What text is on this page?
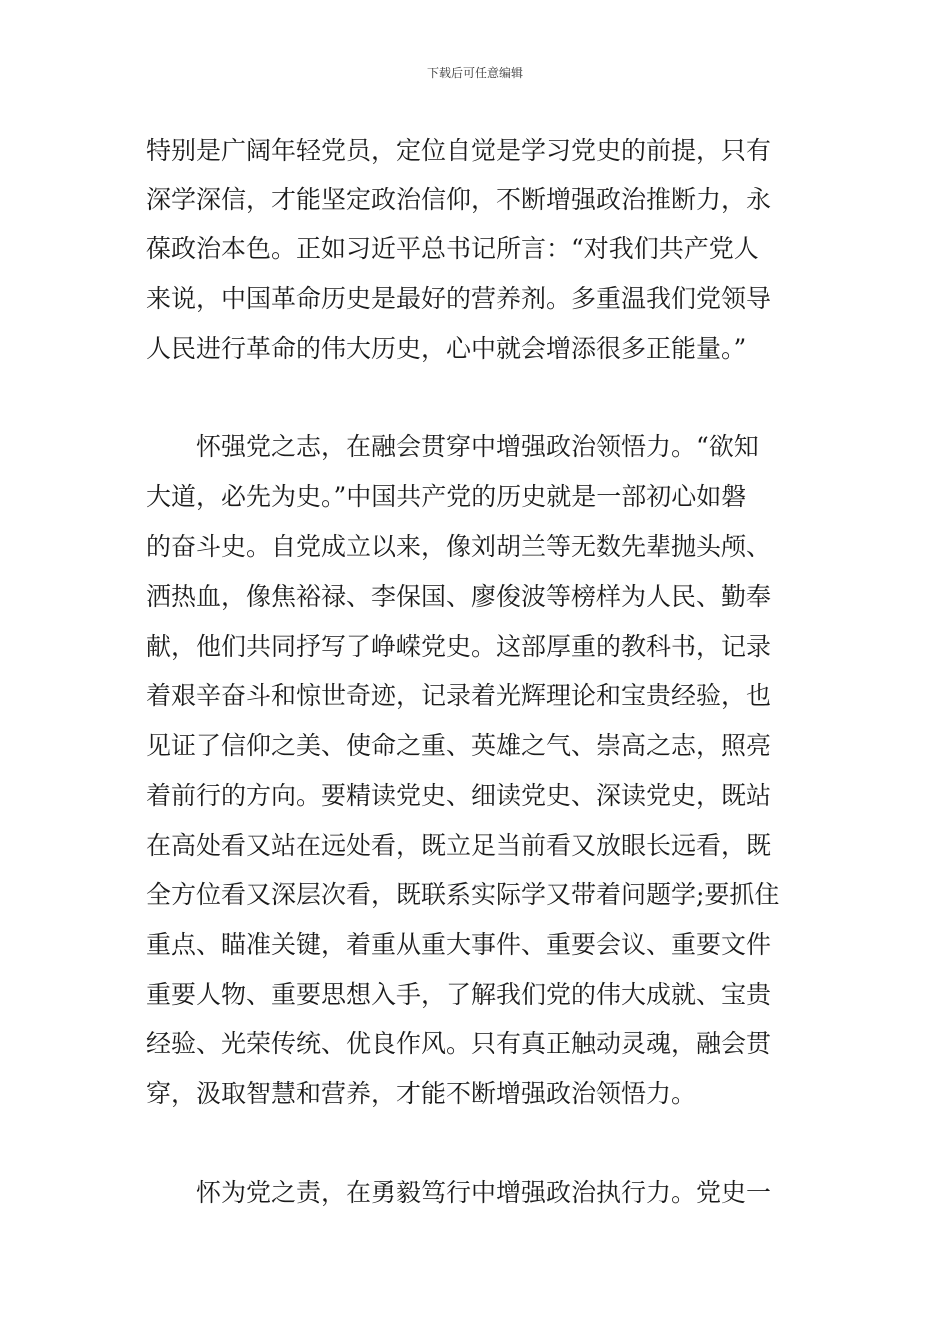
下载后可任意编辑
特别是广阔年轻党员，定位自觉是学习党史的前提，只有
深学深信，才能坚定政治信仰，不断增强政治推断力，永
葆政治本色。正如习近平总书记所言：“对我们共产党人
来说，中国革命历史是最好的营养剂。多重温我们党领导
人民进行革命的伟大历史，心中就会增添很多正能量。”
　　怀强党之志，在融会贯穿中增强政治领悟力。“欲知
大道，必先为史。”中国共产党的历史就是一部初心如磐
的奋斗史。自党成立以来，像刘胡兰等无数先辈抛头颅、
洒热血，像焦裕禄、李保国、廖俊波等榜样为人民、勤奉
献，他们共同抒写了峥嵘党史。这部厚重的教科书，记录
着艰辛奋斗和惊世奇迹，记录着光辉理论和宝贵经验，也
见证了信仰之美、使命之重、英雄之气、崇高之志，照亮
着前行的方向。要精读党史、细读党史、深读党史，既站
在高处看又站在远处看，既立足当前看又放眼长远看，既
全方位看又深层次看，既联系实际学又带着问题学;要抓住
重点、瞄准关键，着重从重大事件、重要会议、重要文件
重要人物、重要思想入手，了解我们党的伟大成就、宝贵
经验、光荣传统、优良作风。只有真正触动灵魂，融会贯
穿，汲取智慧和营养，才能不断增强政治领悟力。
　　怀为党之责，在勇毅笃行中增强政治执行力。党史一
